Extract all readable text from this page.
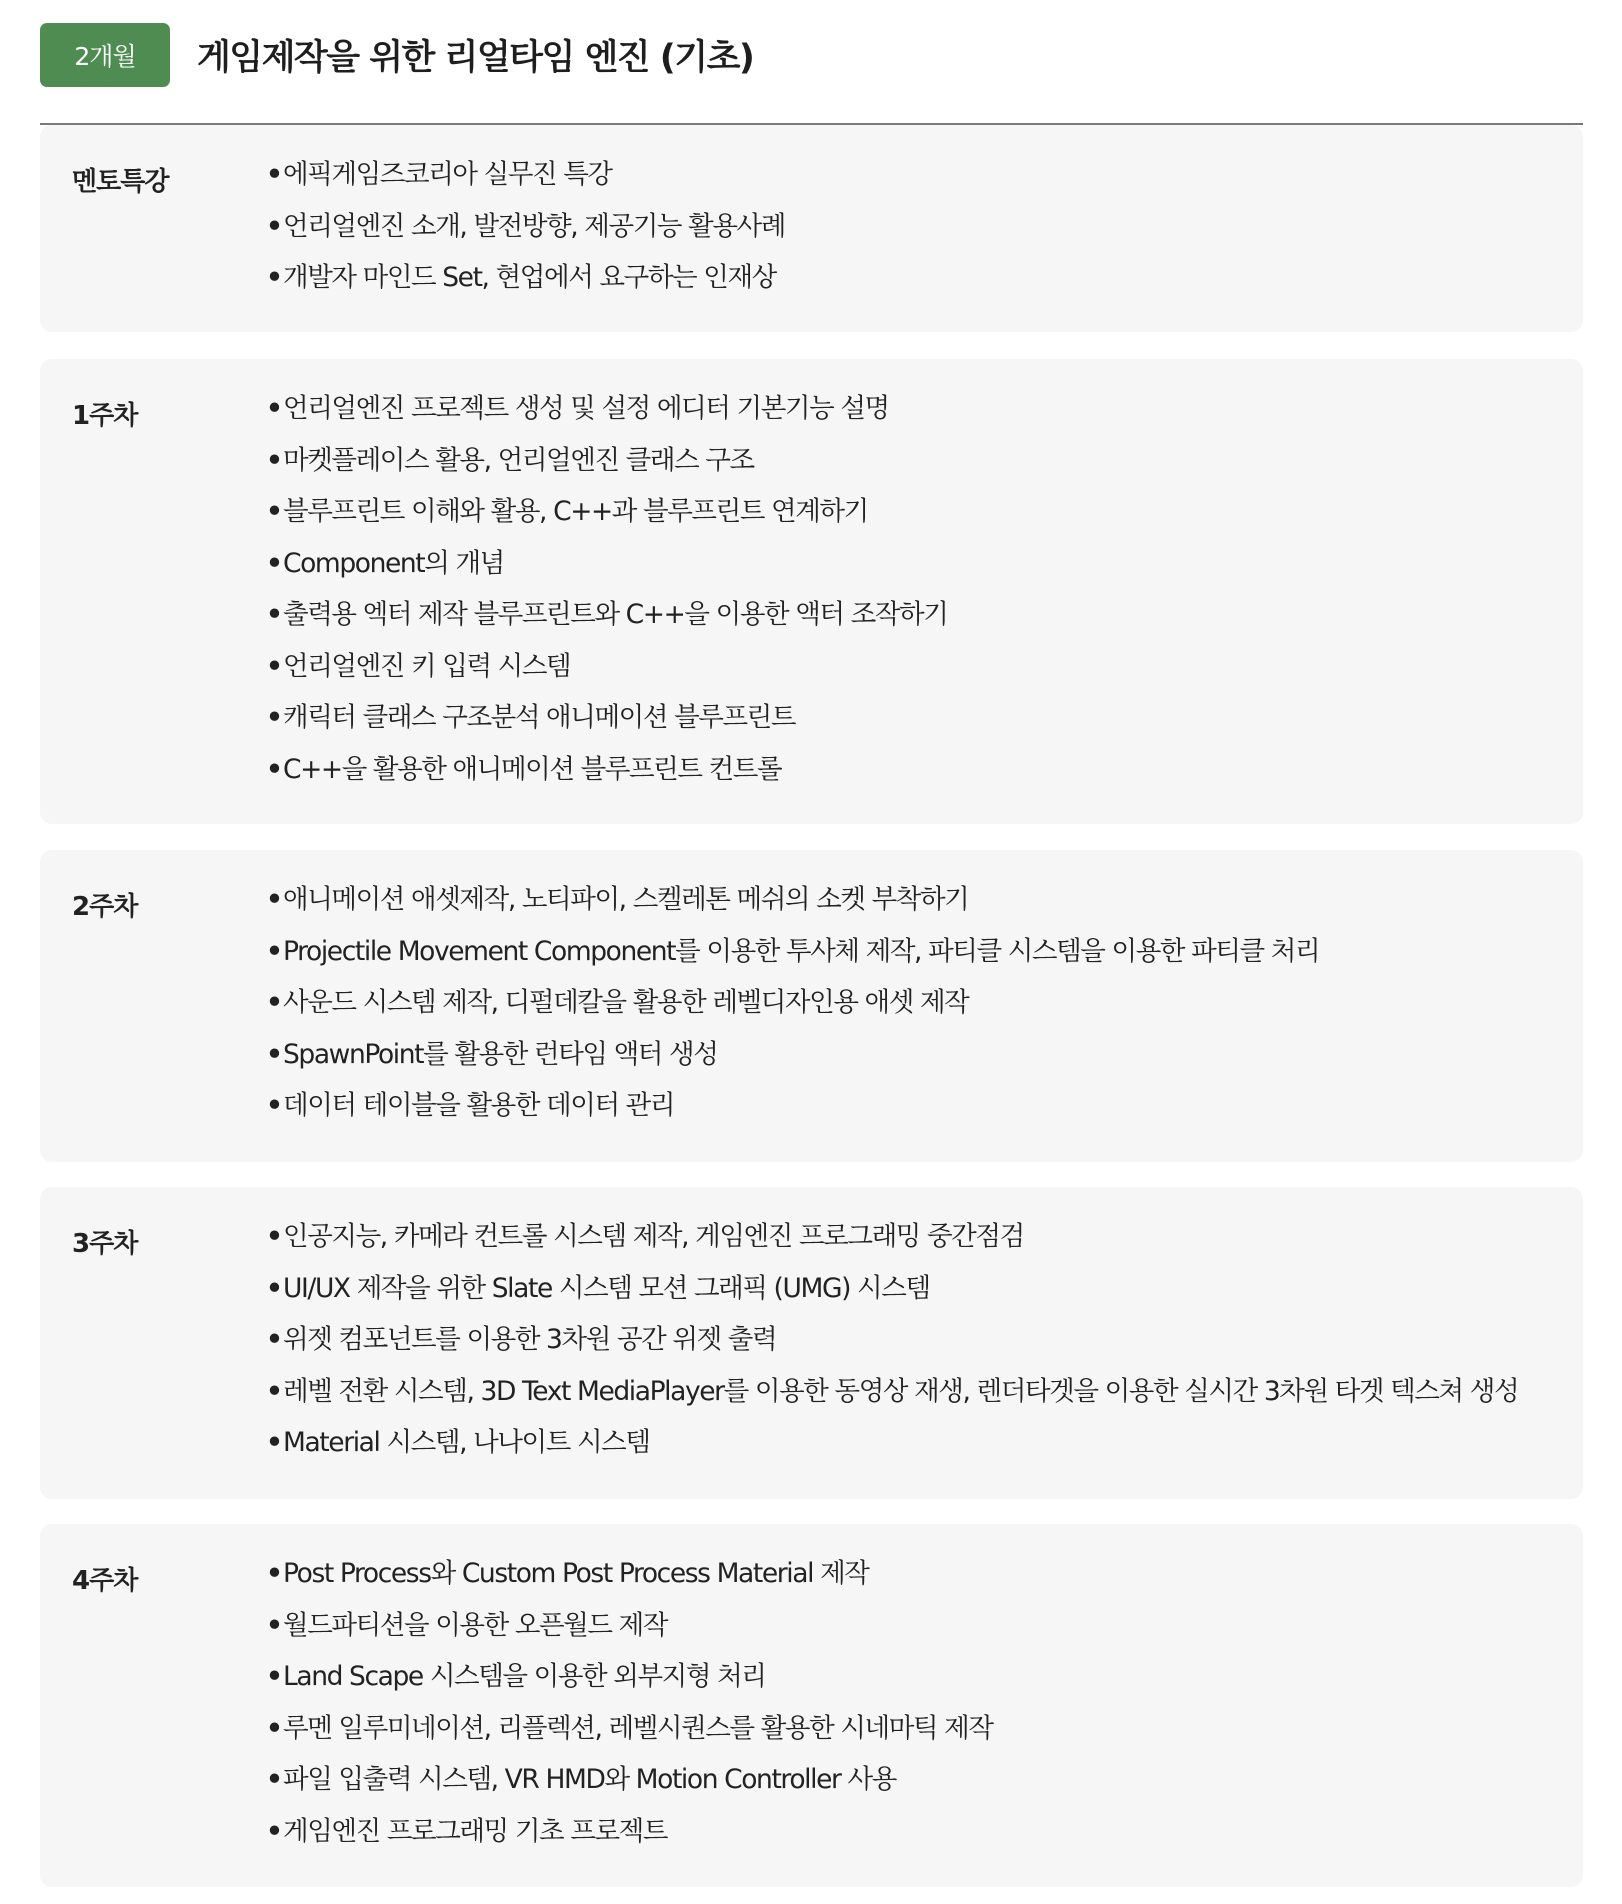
2개월	게임제작을 위한 리얼타임 엔진 (기초)
멘토특강	• 에픽게임즈코리아 실무진 특강
• 언리얼엔진 소개, 발전방향, 제공기능 활용사례
• 개발자 마인드 Set, 현업에서 요구하는 인재상
1주차	• 언리얼엔진 프로젝트 생성 및 설정 에디터 기본기능 설명
• 마켓플레이스 활용, 언리얼엔진 클래스 구조
• 블루프린트 이해와 활용, C++과 블루프린트 연계하기
• Component의 개념
• 출력용 엑터 제작 블루프린트와 C++을 이용한 액터 조작하기
• 언리얼엔진 키 입력 시스템
• 캐릭터 클래스 구조분석 애니메이션 블루프린트
• C++을 활용한 애니메이션 블루프린트 컨트롤
2주차	• 애니메이션 애셋제작, 노티파이, 스켈레톤 메쉬의 소켓 부착하기
• Projectile Movement Component를 이용한 투사체 제작, 파티클 시스템을 이용한 파티클 처리
• 사운드 시스템 제작, 디펄데칼을 활용한 레벨디자인용 애셋 제작
• SpawnPoint를 활용한 런타임 액터 생성
• 데이터 테이블을 활용한 데이터 관리
3주차	• 인공지능, 카메라 컨트롤 시스템 제작, 게임엔진 프로그래밍 중간점검
• UI/UX 제작을 위한 Slate 시스템 모션 그래픽 (UMG) 시스템
• 위젯 컴포넌트를 이용한 3차원 공간 위젯 출력
• 레벨 전환 시스템, 3D Text MediaPlayer를 이용한 동영상 재생, 렌더타겟을 이용한 실시간 3차원 타겟 텍스쳐 생성
• Material 시스템, 나나이트 시스템
4주차	• Post Process와 Custom Post Process Material 제작
• 월드파티션을 이용한 오픈월드 제작
• Land Scape 시스템을 이용한 외부지형 처리
• 루멘 일루미네이션, 리플렉션, 레벨시퀀스를 활용한 시네마틱 제작
• 파일 입출력 시스템, VR HMD와 Motion Controller 사용
• 게임엔진 프로그래밍 기초 프로젝트
